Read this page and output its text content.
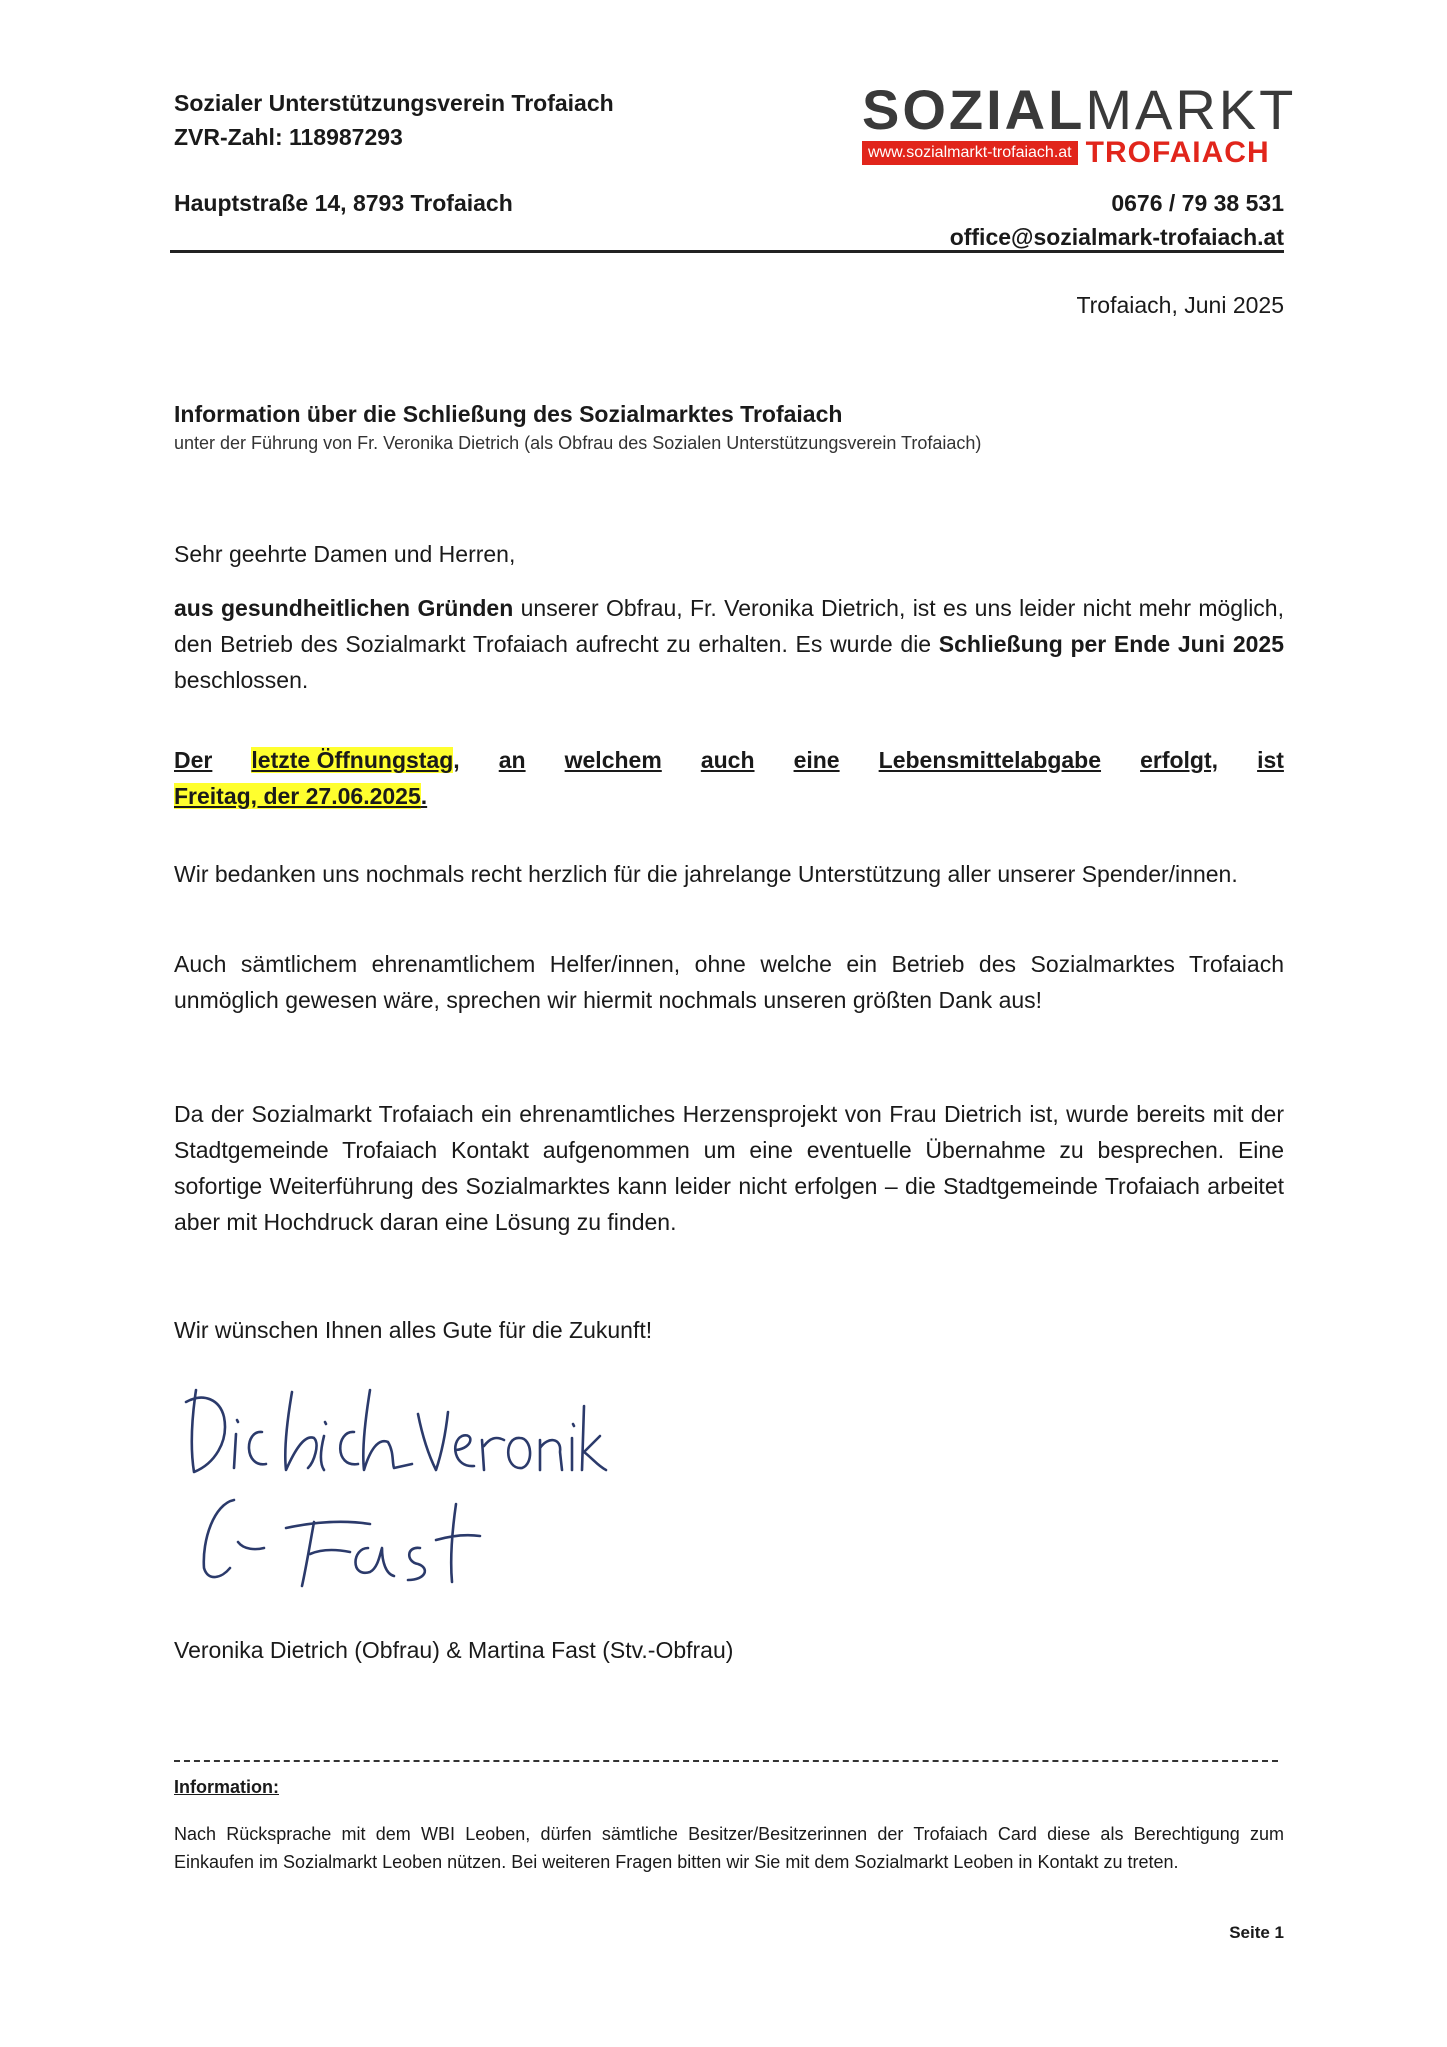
Sozialer Unterstützungsverein Trofaiach
ZVR-Zahl: 118987293	SOZIALMARKT
www.sozialmarkt-trofaiach.at TROFAIACH
Hauptstraße 14, 8793 Trofaiach	0676 / 79 38 531
office@sozialmark-trofaiach.at
Trofaiach, Juni 2025
Information über die Schließung des Sozialmarktes Trofaiach
unter der Führung von Fr. Veronika Dietrich (als Obfrau des Sozialen Unterstützungsverein Trofaiach)
Sehr geehrte Damen und Herren,
aus gesundheitlichen Gründen unserer Obfrau, Fr. Veronika Dietrich, ist es uns leider nicht mehr möglich, den Betrieb des Sozialmarkt Trofaiach aufrecht zu erhalten. Es wurde die Schließung per Ende Juni 2025 beschlossen.
Der letzte Öffnungstag, an welchem auch eine Lebensmittelabgabe erfolgt, ist
Freitag, der 27.06.2025.
Wir bedanken uns nochmals recht herzlich für die jahrelange Unterstützung aller unserer Spender/innen.
Auch sämtlichem ehrenamtlichem Helfer/innen, ohne welche ein Betrieb des Sozialmarktes Trofaiach unmöglich gewesen wäre, sprechen wir hiermit nochmals unseren größten Dank aus!
Da der Sozialmarkt Trofaiach ein ehrenamtliches Herzensprojekt von Frau Dietrich ist, wurde bereits mit der Stadtgemeinde Trofaiach Kontakt aufgenommen um eine eventuelle Übernahme zu besprechen. Eine sofortige Weiterführung des Sozialmarktes kann leider nicht erfolgen – die Stadtgemeinde Trofaiach arbeitet aber mit Hochdruck daran eine Lösung zu finden.
Wir wünschen Ihnen alles Gute für die Zukunft!
Veronika Dietrich (Obfrau) & Martina Fast (Stv.-Obfrau)
Information:
Nach Rücksprache mit dem WBI Leoben, dürfen sämtliche Besitzer/Besitzerinnen der Trofaiach Card diese als Berechtigung zum Einkaufen im Sozialmarkt Leoben nützen. Bei weiteren Fragen bitten wir Sie mit dem Sozialmarkt Leoben in Kontakt zu treten.
Seite 1
